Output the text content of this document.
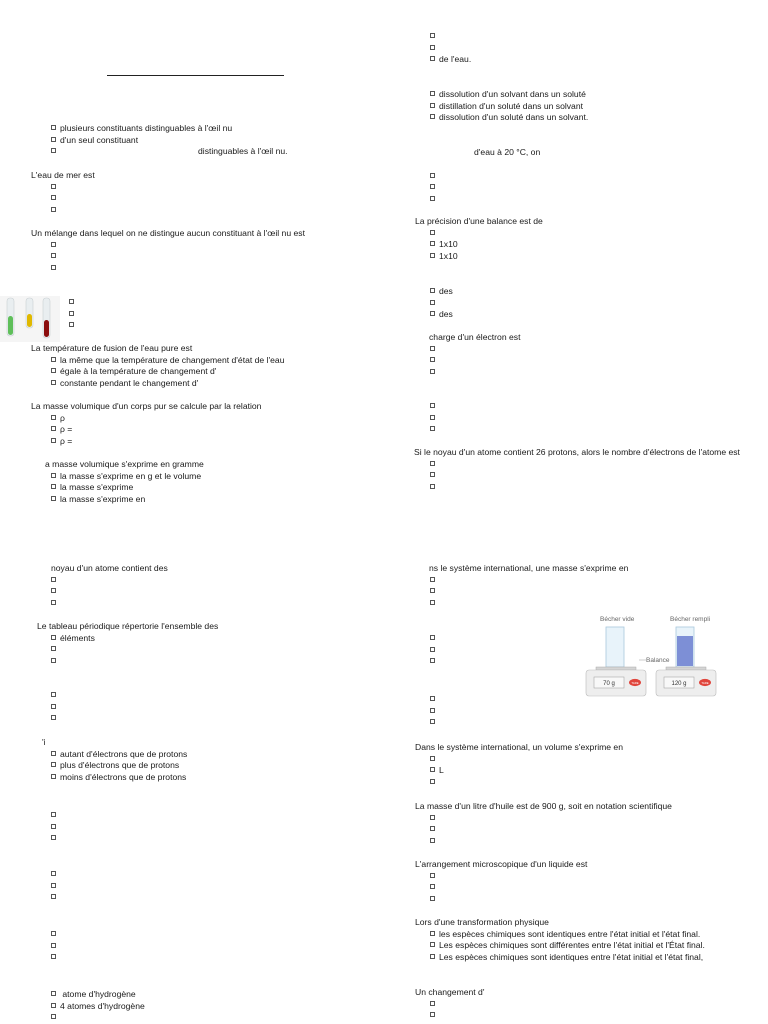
plusieurs constituants distinguables à l'œil nu
d'un seul constituant
distinguables à l'œil nu.
L'eau de mer est
Un mélange dans lequel on ne distingue aucun constituant à l'œil nu est
La température de fusion de l'eau pure est
la même que la température de changement d'état de l'eau
égale à la température de changement d'
constante pendant le changement d'
La masse volumique d'un corps pur se calcule par la relation
ρ
ρ =
ρ =
a masse volumique s'exprime en gramme
la masse s'exprime en g et le volume
la masse s'exprime
la masse s'exprime en
noyau d'un atome contient des
Le tableau périodique répertorie l'ensemble des
éléments
'i
autant d'électrons que de protons
plus d'électrons que de protons
moins d'électrons que de protons
atome d'hydrogène
4 atomes d'hydrogène
de l'eau.
dissolution d'un solvant dans un soluté
distillation d'un soluté dans un solvant
dissolution d'un soluté dans un solvant.
d'eau à 20 °C, on
La précision d'une balance est de
1x10
1x10
des
des
charge d'un électron est
Si le noyau d'un atome contient 26 protons, alors le nombre d'électrons de l'atome est
ns le système international, une masse s'exprime en
Bécher vide	Bécher rempli
Balance
70 g	TARE	120 g	TARE
Dans le système international, un volume s'exprime en
L
La masse d'un litre d'huile est de 900 g, soit en notation scientifique
L'arrangement microscopique d'un liquide est
Lors d'une transformation physique
les espèces chimiques sont identiques entre l'état initial et l'état final.
Les espèces chimiques sont différentes entre l'état initial et l'État final.
Les espèces chimiques sont identiques entre l'état initial et l'état final,
Un changement d'
